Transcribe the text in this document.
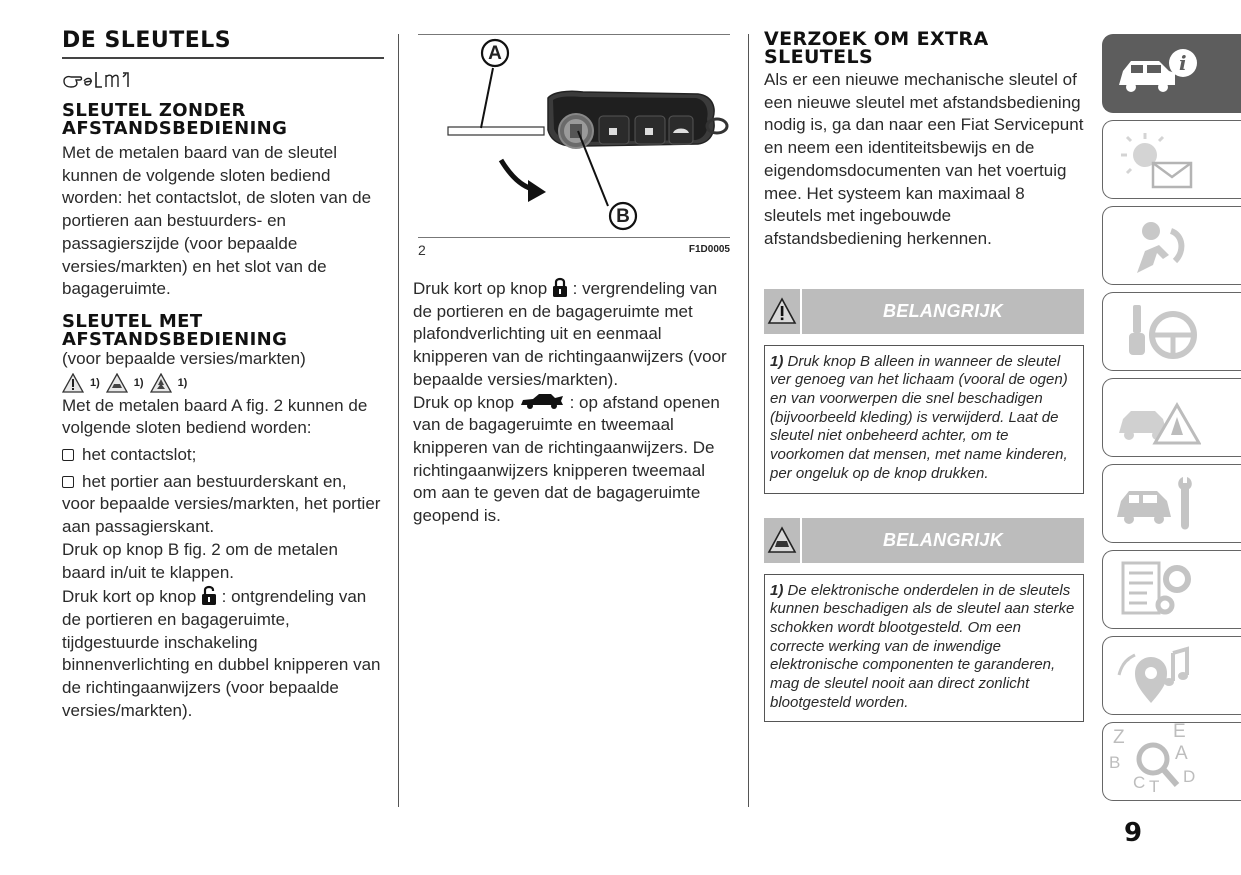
DE SLEUTELS
SLEUTEL ZONDER AFSTANDSBEDIENING

Met de metalen baard van de sleutel kunnen de volgende sloten bediend worden: het contactslot, de sloten van de portieren aan bestuurders- en passagierszijde (voor bepaalde versies/markten) en het slot van de bagageruimte.

SLEUTEL MET AFSTANDSBEDIENING

(voor bepaalde versies/markten)

1)	1)	1)

Met de metalen baard A fig. 2 kunnen de volgende sloten bediend worden:

het contactslot;

het portier aan bestuurderskant en, voor bepaalde versies/markten, het portier aan passagierskant.

Druk op knop B fig. 2 om de metalen baard in/uit te klappen.

Druk kort op knop : ontgrendeling van de portieren en bagageruimte, tijdgestuurde inschakeling binnenverlichting en dubbel knipperen van de richtingaanwijzers (voor bepaalde versies/markten).

A
B
2	F1D0005

Druk kort op knop : vergrendeling van de portieren en de bagageruimte met plafondverlichting uit en eenmaal knipperen van de richtingaanwijzers (voor bepaalde versies/markten).

Druk op knop	: op afstand openen van de bagageruimte en tweemaal knipperen van de richtingaanwijzers. De richtingaanwijzers knipperen tweemaal om aan te geven dat de bagageruimte geopend is.

VERZOEK OM EXTRA SLEUTELS

Als er een nieuwe mechanische sleutel of een nieuwe sleutel met afstandsbediening nodig is, ga dan naar een Fiat Servicepunt en neem een identiteitsbewijs en de eigendomsdocumenten van het voertuig mee. Het systeem kan maximaal 8 sleutels met ingebouwde afstandsbediening herkennen.

BELANGRIJK
1) Druk knop B alleen in wanneer de sleutel ver genoeg van het lichaam (vooral de ogen) en van voorwerpen die snel beschadigen (bijvoorbeeld kleding) is verwijderd. Laat de sleutel niet onbeheerd achter, om te voorkomen dat mensen, met name kinderen, per ongeluk op de knop drukken.
BELANGRIJK
1) De elektronische onderdelen in de sleutels kunnen beschadigen als de sleutel aan sterke schokken wordt blootgesteld. Om een correcte werking van de inwendige elektronische componenten te garanderen, mag de sleutel nooit aan direct zonlicht blootgesteld worden.
i
Z	E
B	A
C T
D
9
